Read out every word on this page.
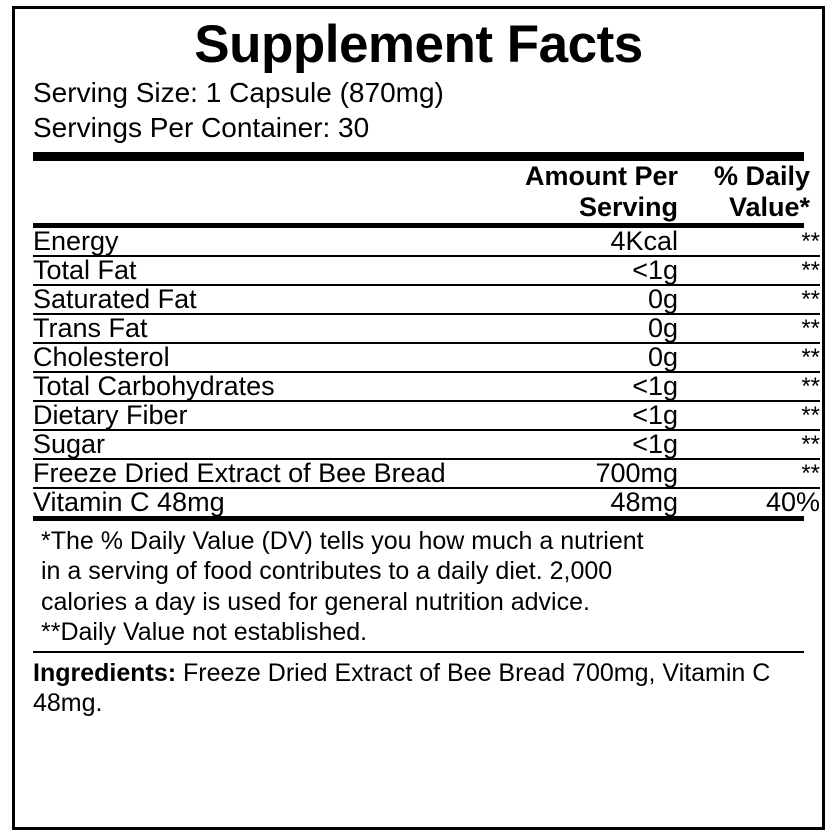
Supplement Facts
Serving Size: 1 Capsule (870mg)
Servings Per Container: 30

Amount Per
Serving

% Daily
Value*
Energy	4Kcal	**
Total Fat	<1g	**
Saturated Fat	0g	**
Trans Fat	0g	**
Cholesterol	0g	**
Total Carbohydrates	<1g	**
Dietary Fiber	<1g	**
Sugar	<1g	**
Freeze Dried Extract of Bee Bread	700mg	**
Vitamin C 48mg	48mg	40%
*The % Daily Value (DV) tells you how much a nutrient
in a serving of food contributes to a daily diet. 2,000
calories a day is used for general nutrition advice.
**Daily Value not established.
Ingredients: Freeze Dried Extract of Bee Bread 700mg, Vitamin C 48mg.
